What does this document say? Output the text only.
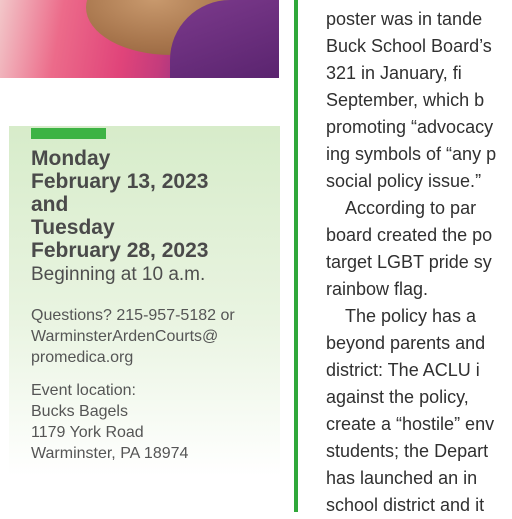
Monday
February 13, 2023
and
Tuesday
February 28, 2023
Beginning at 10 a.m.
Questions? 215-957-5182 or
WarminsterArdenCourts@
promedica.org
Event location:
Bucks Bagels
1179 York Road
Warminster, PA 18974
poster was in tande
Buck School Board’s
321 in January, fi
September, which b
promoting “advocacy
ing symbols of “any p
social policy issue.”
According to par
board created the po
target LGBT pride sy
rainbow flag.
The policy has a
beyond parents and
district: The ACLU i
against the policy,
create a “hostile” env
students; the Depart
has launched an in
school district and it
